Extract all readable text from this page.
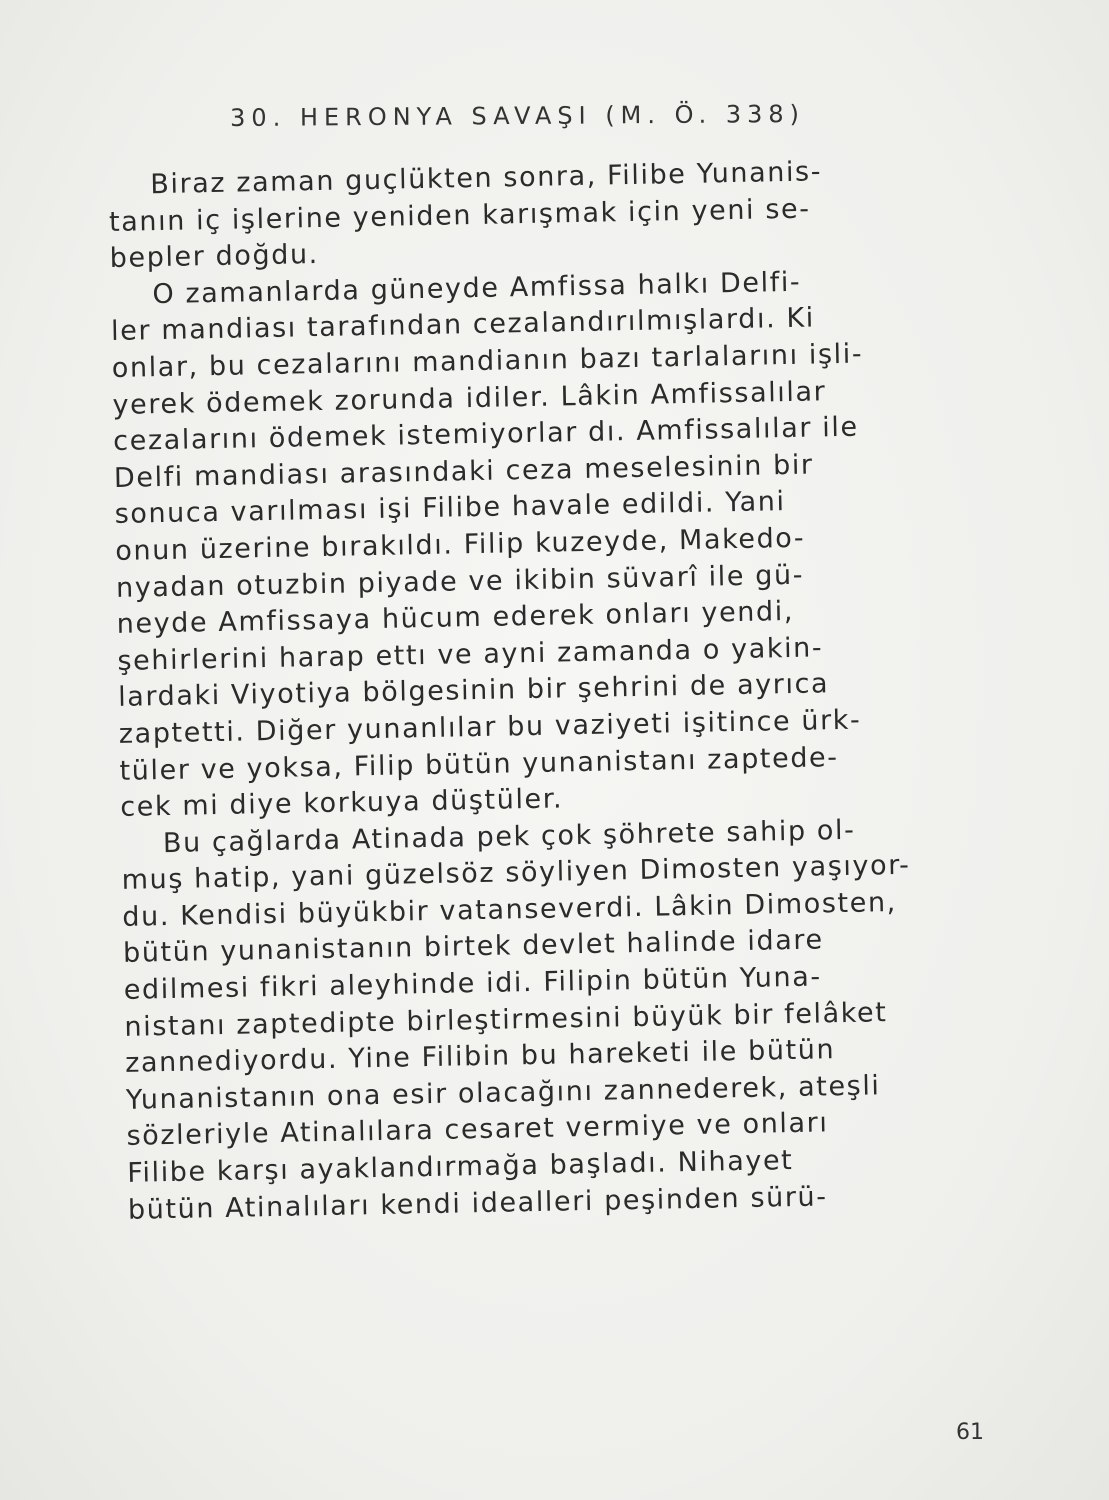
30. HERONYA SAVAŞI (M. Ö. 338)
Biraz zaman guçlükten sonra, Filibe Yunanis-
tanın iç işlerine yeniden karışmak için yeni se-
bepler doğdu.
O zamanlarda güneyde Amfissa halkı Delfi-
ler mandiası tarafından cezalandırılmışlardı. Ki
onlar, bu cezalarını mandianın bazı tarlalarını işli-
yerek ödemek zorunda idiler. Lâkin Amfissalılar
cezalarını ödemek istemiyorlar dı. Amfissalılar ile
Delfi mandiası arasındaki ceza meselesinin bir
sonuca varılması işi Filibe havale edildi. Yani
onun üzerine bırakıldı. Filip kuzeyde, Makedo-
nyadan otuzbin piyade ve ikibin süvarî ile gü-
neyde Amfissaya hücum ederek onları yendi,
şehirlerini harap ettı ve ayni zamanda o yakin-
lardaki Viyotiya bölgesinin bir şehrini de ayrıca
zaptetti. Diğer yunanlılar bu vaziyeti işitince ürk-
tüler ve yoksa, Filip bütün yunanistanı zaptede-
cek mi diye korkuya düştüler.
Bu çağlarda Atinada pek çok şöhrete sahip ol-
muş hatip, yani güzelsöz söyliyen Dimosten yaşıyor-
du. Kendisi büyükbir vatanseverdi. Lâkin Dimosten,
bütün yunanistanın birtek devlet halinde idare
edilmesi fikri aleyhinde idi. Filipin bütün Yuna-
nistanı zaptedipte birleştirmesini büyük bir felâket
zannediyordu. Yine Filibin bu hareketi ile bütün
Yunanistanın ona esir olacağını zannederek, ateşli
sözleriyle Atinalılara cesaret vermiye ve onları
Filibe karşı ayaklandırmağa başladı. Nihayet
bütün Atinalıları kendi idealleri peşinden sürü-
61
